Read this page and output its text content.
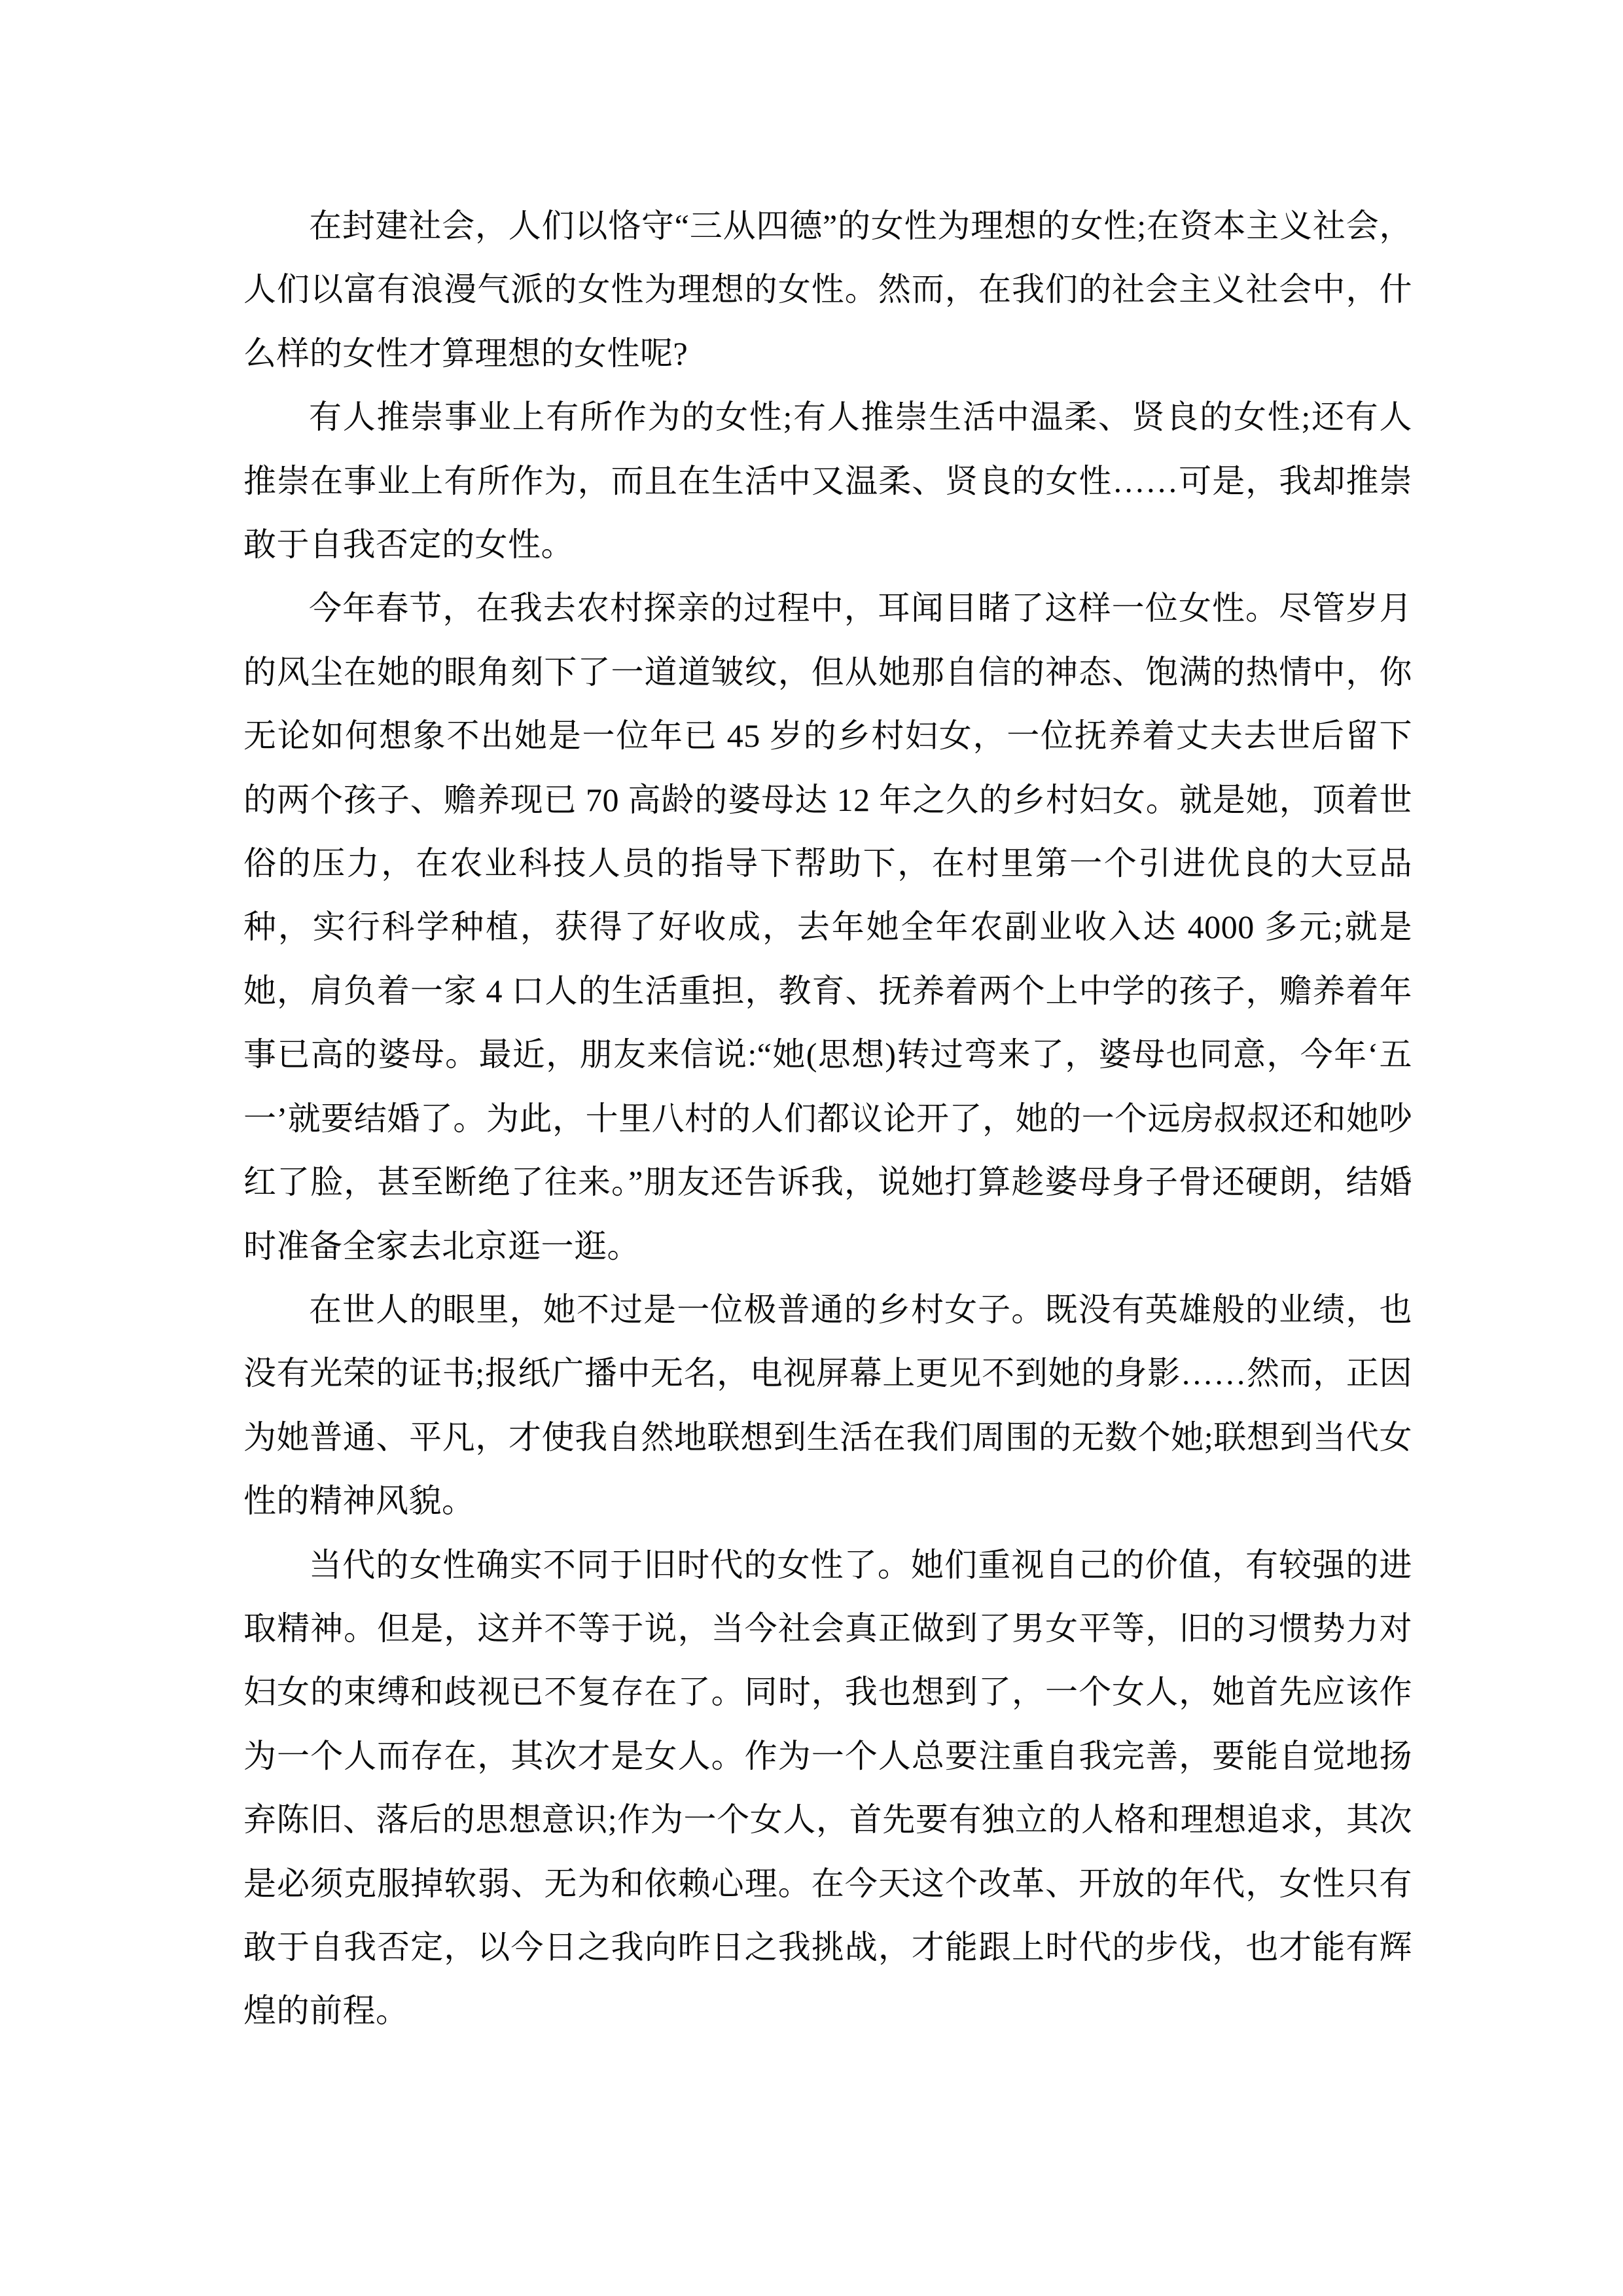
在封建社会，人们以恪守“三从四德”的女性为理想的女性;在资本主义社会，人们以富有浪漫气派的女性为理想的女性。然而，在我们的社会主义社会中，什么样的女性才算理想的女性呢?

有人推崇事业上有所作为的女性;有人推崇生活中温柔、贤良的女性;还有人推崇在事业上有所作为，而且在生活中又温柔、贤良的女性……可是，我却推崇敢于自我否定的女性。

今年春节，在我去农村探亲的过程中，耳闻目睹了这样一位女性。尽管岁月的风尘在她的眼角刻下了一道道皱纹，但从她那自信的神态、饱满的热情中，你无论如何想象不出她是一位年已 45 岁的乡村妇女，一位抚养着丈夫去世后留下的两个孩子、赡养现已 70 高龄的婆母达 12 年之久的乡村妇女。就是她，顶着世俗的压力，在农业科技人员的指导下帮助下，在村里第一个引进优良的大豆品种，实行科学种植，获得了好收成，去年她全年农副业收入达 4000 多元;就是她，肩负着一家 4 口人的生活重担，教育、抚养着两个上中学的孩子，赡养着年事已高的婆母。最近，朋友来信说:“她(思想)转过弯来了，婆母也同意，今年‘五一’就要结婚了。为此，十里八村的人们都议论开了，她的一个远房叔叔还和她吵红了脸，甚至断绝了往来。”朋友还告诉我，说她打算趁婆母身子骨还硬朗，结婚时准备全家去北京逛一逛。

在世人的眼里，她不过是一位极普通的乡村女子。既没有英雄般的业绩，也没有光荣的证书;报纸广播中无名，电视屏幕上更见不到她的身影……然而，正因为她普通、平凡，才使我自然地联想到生活在我们周围的无数个她;联想到当代女性的精神风貌。

当代的女性确实不同于旧时代的女性了。她们重视自己的价值，有较强的进取精神。但是，这并不等于说，当今社会真正做到了男女平等，旧的习惯势力对妇女的束缚和歧视已不复存在了。同时，我也想到了，一个女人，她首先应该作为一个人而存在，其次才是女人。作为一个人总要注重自我完善，要能自觉地扬弃陈旧、落后的思想意识;作为一个女人，首先要有独立的人格和理想追求，其次是必须克服掉软弱、无为和依赖心理。在今天这个改革、开放的年代，女性只有敢于自我否定，以今日之我向昨日之我挑战，才能跟上时代的步伐，也才能有辉煌的前程。
